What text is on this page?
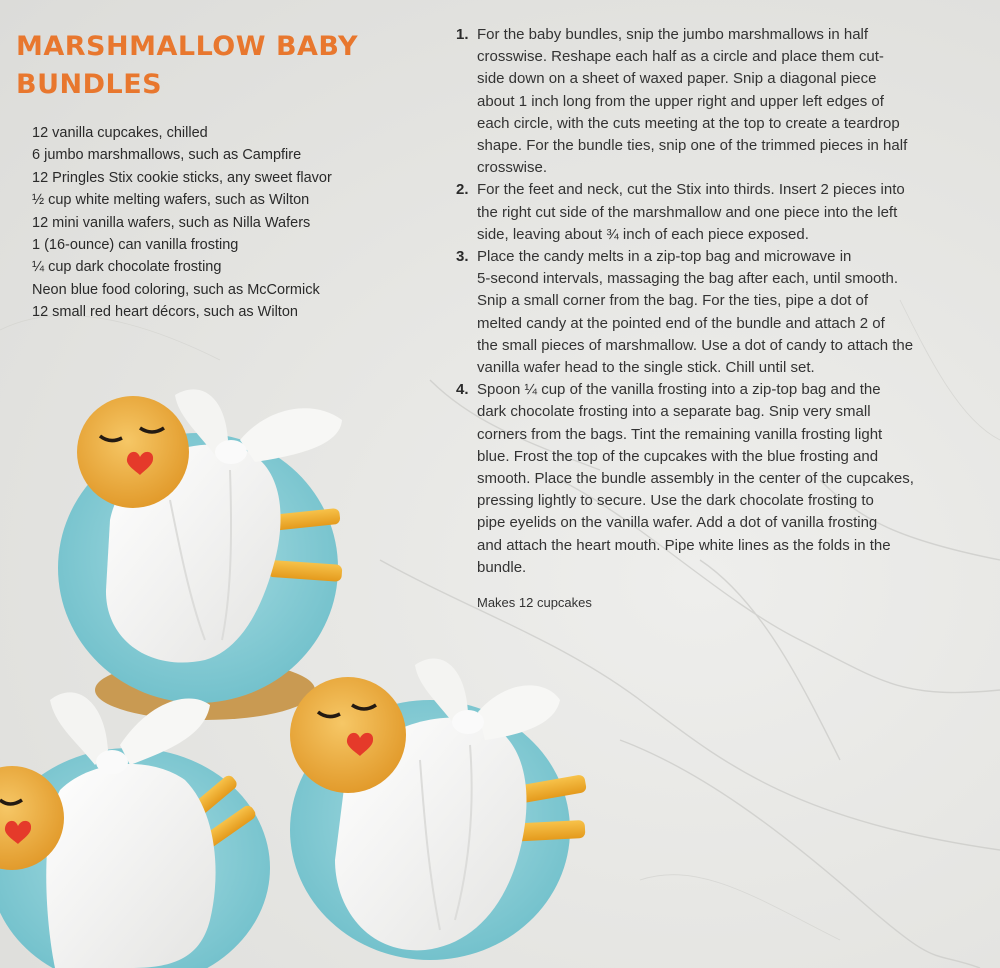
MARSHMALLOW BABY BUNDLES
12 vanilla cupcakes, chilled
6 jumbo marshmallows, such as Campfire
12 Pringles Stix cookie sticks, any sweet flavor
½ cup white melting wafers, such as Wilton
12 mini vanilla wafers, such as Nilla Wafers
1 (16-ounce) can vanilla frosting
¼ cup dark chocolate frosting
Neon blue food coloring, such as McCormick
12 small red heart décors, such as Wilton
1. For the baby bundles, snip the jumbo marshmallows in half
crosswise. Reshape each half as a circle and place them cut-
side down on a sheet of waxed paper. Snip a diagonal piece
about 1 inch long from the upper right and upper left edges of
each circle, with the cuts meeting at the top to create a teardrop
shape. For the bundle ties, snip one of the trimmed pieces in half
crosswise.
2. For the feet and neck, cut the Stix into thirds. Insert 2 pieces into
the right cut side of the marshmallow and one piece into the left
side, leaving about ¾ inch of each piece exposed.
3. Place the candy melts in a zip-top bag and microwave in
5-second intervals, massaging the bag after each, until smooth.
Snip a small corner from the bag. For the ties, pipe a dot of
melted candy at the pointed end of the bundle and attach 2 of
the small pieces of marshmallow. Use a dot of candy to attach the
vanilla wafer head to the single stick. Chill until set.
4. Spoon ¼ cup of the vanilla frosting into a zip-top bag and the
dark chocolate frosting into a separate bag. Snip very small
corners from the bags. Tint the remaining vanilla frosting light
blue. Frost the top of the cupcakes with the blue frosting and
smooth. Place the bundle assembly in the center of the cupcakes,
pressing lightly to secure. Use the dark chocolate frosting to
pipe eyelids on the vanilla wafer. Add a dot of vanilla frosting
and attach the heart mouth. Pipe white lines as the folds in the
bundle.
Makes 12 cupcakes
